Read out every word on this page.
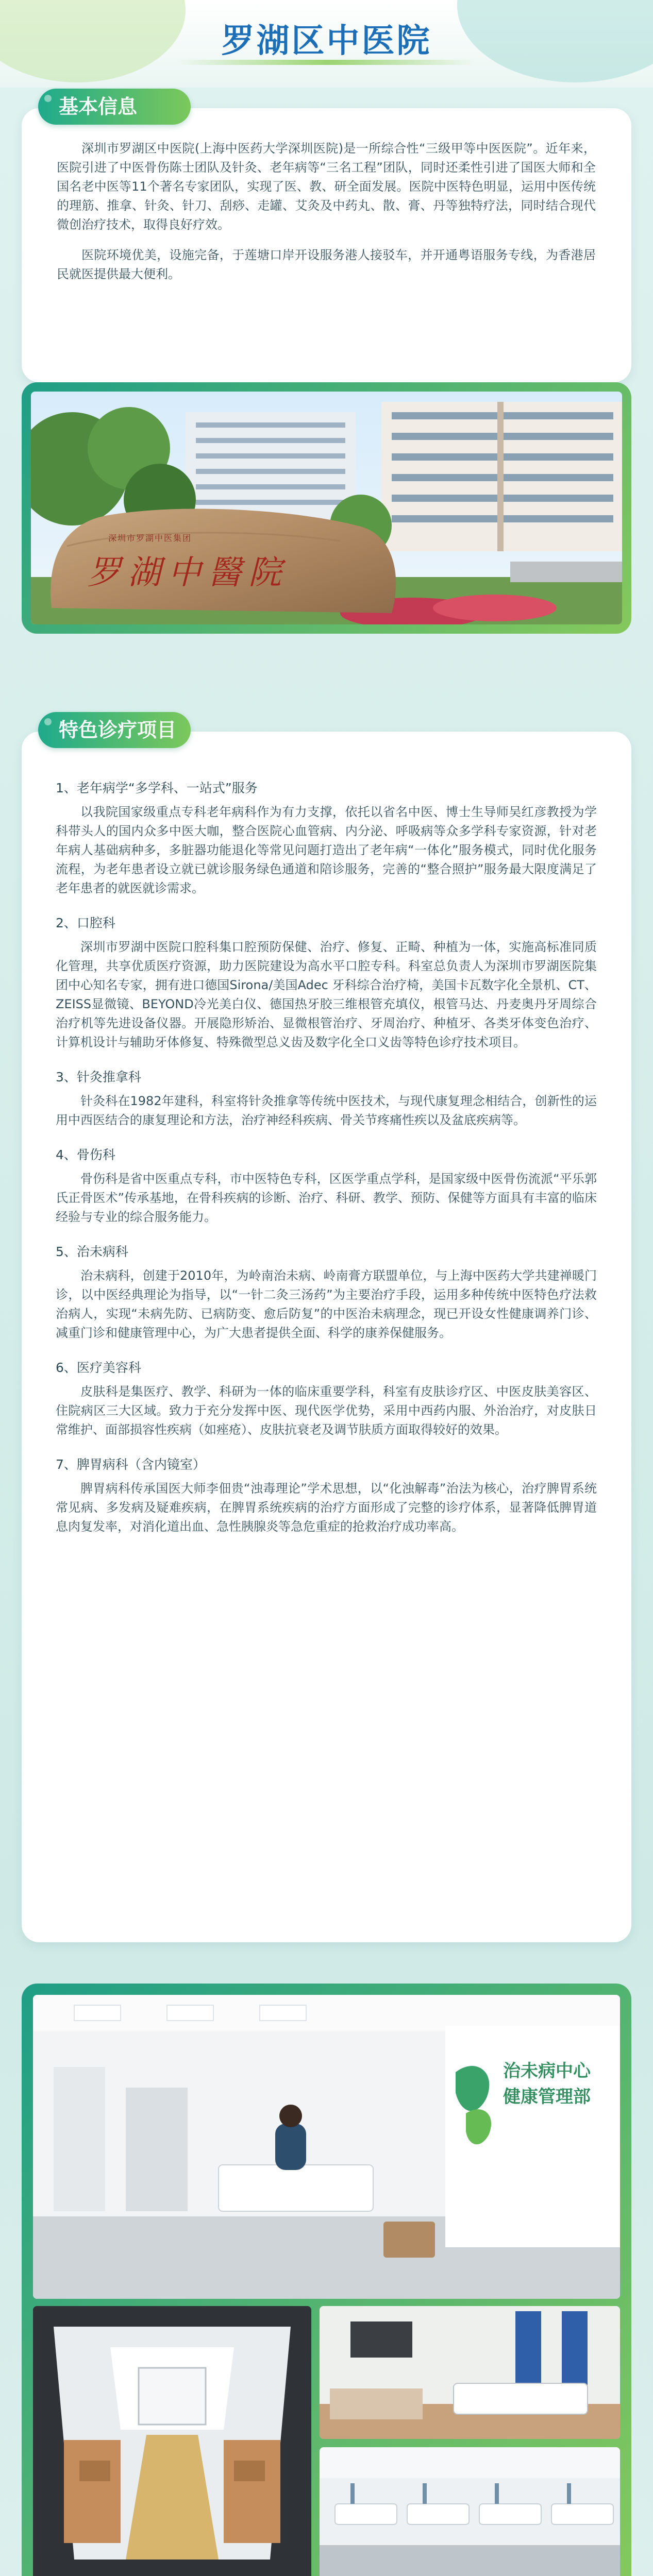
罗湖区中医院
基本信息

深圳市罗湖区中医院(上海中医药大学深圳医院)是一所综合性“三级甲等中医医院”。近年来，医院引进了中医骨伤陈士团队及针灸、老年病等“三名工程”团队，同时还柔性引进了国医大师和全国名老中医等11个著名专家团队，实现了医、教、研全面发展。医院中医特色明显，运用中医传统的理筋、推拿、针灸、针刀、刮痧、走罐、艾灸及中药丸、散、膏、丹等独特疗法，同时结合现代微创治疗技术，取得良好疗效。

医院环境优美，设施完备，于莲塘口岸开设服务港人接驳车，并开通粤语服务专线，为香港居民就医提供最大便利。

深圳市罗湖中医集团
罗湖中醫院
特色诊疗项目
1、老年病学“多学科、一站式”服务

以我院国家级重点专科老年病科作为有力支撑，依托以省名中医、博士生导师吴红彦教授为学科带头人的国内众多中医大咖，整合医院心血管病、内分泌、呼吸病等众多学科专家资源，针对老年病人基础病种多，多脏器功能退化等常见问题打造出了老年病“一体化”服务模式，同时优化服务流程，为老年患者设立就已就诊服务绿色通道和陪诊服务，完善的“整合照护”服务最大限度满足了老年患者的就医就诊需求。

2、口腔科

深圳市罗湖中医院口腔科集口腔预防保健、治疗、修复、正畸、种植为一体，实施高标准同质化管理，共享优质医疗资源，助力医院建设为高水平口腔专科。科室总负责人为深圳市罗湖医院集团中心知名专家，拥有进口德国Sirona/美国Adec 牙科综合治疗椅，美国卡瓦数字化全景机、CT、ZEISS显微镜、BEYOND冷光美白仪、德国热牙胶三维根管充填仪，根管马达、丹麦奥丹牙周综合治疗机等先进设备仪器。开展隐形矫治、显微根管治疗、牙周治疗、种植牙、各类牙体变色治疗、计算机设计与辅助牙体修复、特殊微型总义齿及数字化全口义齿等特色诊疗技术项目。

3、针灸推拿科

针灸科在1982年建科，科室将针灸推拿等传统中医技术，与现代康复理念相结合，创新性的运用中西医结合的康复理论和方法，治疗神经科疾病、骨关节疼痛性疾以及盆底疾病等。

4、骨伤科

骨伤科是省中医重点专科，市中医特色专科，区医学重点学科，是国家级中医骨伤流派“平乐郭氏正骨医术”传承基地，在骨科疾病的诊断、治疗、科研、教学、预防、保健等方面具有丰富的临床经验与专业的综合服务能力。

5、治未病科

治未病科，创建于2010年，为岭南治未病、岭南膏方联盟单位，与上海中医药大学共建禅暖门诊，以中医经典理论为指导，以“一针二灸三汤药”为主要治疗手段，运用多种传统中医特色疗法救治病人，实现“未病先防、已病防变、愈后防复”的中医治未病理念，现已开设女性健康调养门诊、减重门诊和健康管理中心，为广大患者提供全面、科学的康养保健服务。

6、医疗美容科

皮肤科是集医疗、教学、科研为一体的临床重要学科，科室有皮肤诊疗区、中医皮肤美容区、住院病区三大区域。致力于充分发挥中医、现代医学优势，采用中西药内服、外治治疗，对皮肤日常维护、面部损容性疾病（如痤疮）、皮肤抗衰老及调节肤质方面取得较好的效果。

7、脾胃病科（含内镜室）

脾胃病科传承国医大师李佃贵“浊毒理论”学术思想，以“化浊解毒”治法为核心，治疗脾胃系统常见病、多发病及疑难疾病，在脾胃系统疾病的治疗方面形成了完整的诊疗体系，显著降低脾胃道息肉复发率，对消化道出血、急性胰腺炎等急危重症的抢救治疗成功率高。

治未病中心
健康管理部
